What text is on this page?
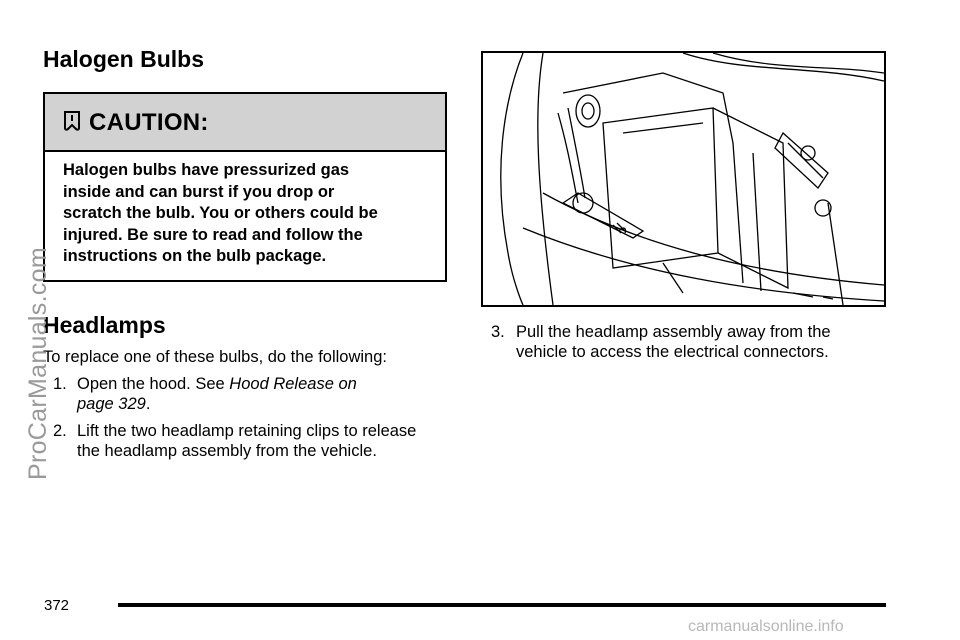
Halogen Bulbs
CAUTION:
Halogen bulbs have pressurized gas
inside and can burst if you drop or
scratch the bulb. You or others could be
injured. Be sure to read and follow the
instructions on the bulb package.
Headlamps
To replace one of these bulbs, do the following:
1. Open the hood. See Hood Release on
page 329.
2. Lift the two headlamp retaining clips to release
the headlamp assembly from the vehicle.
3. Pull the headlamp assembly away from the
vehicle to access the electrical connectors.
ProCarManuals.com
372
carmanualsonline.info
